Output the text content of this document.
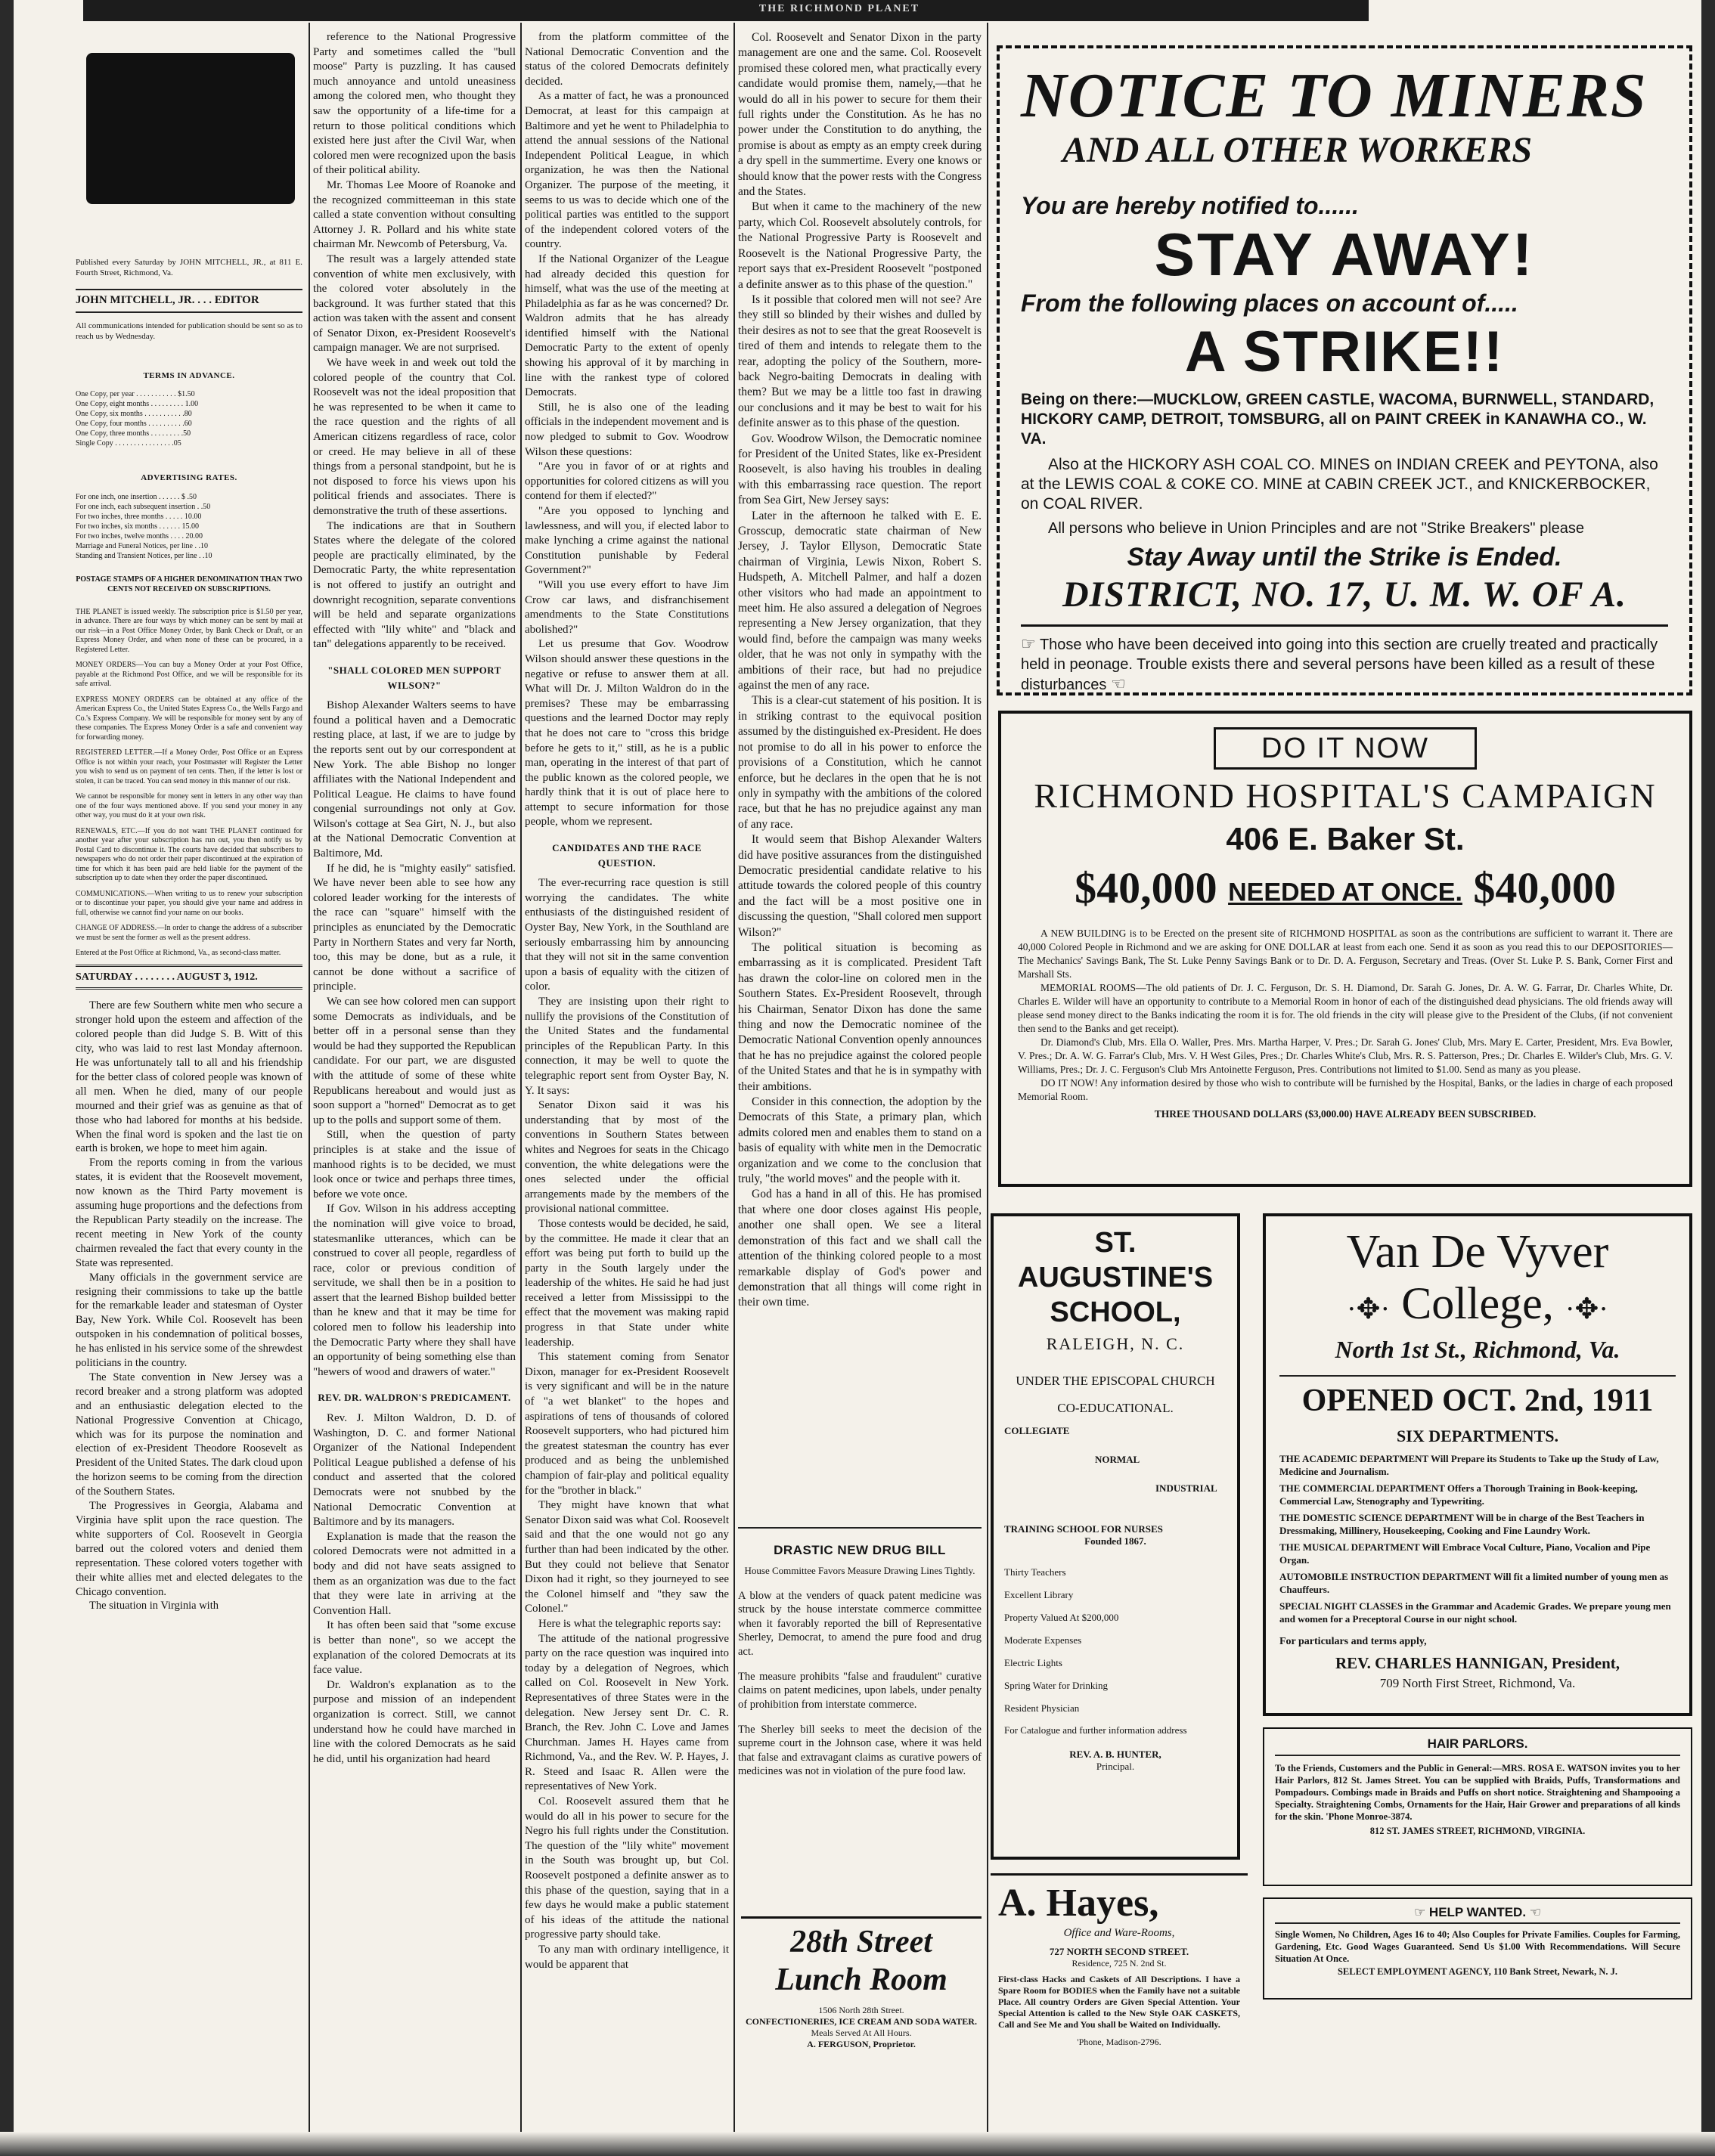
THE RICHMOND PLANET
Published every Saturday by JOHN MITCHELL, JR., at 811 E. Fourth Street, Richmond, Va.
JOHN MITCHELL, JR. . . . EDITOR
All communications intended for publication should be sent so as to reach us by Wednesday.
TERMS IN ADVANCE.
One Copy, per year . . . . . . . . . . . $1.50
One Copy, eight months . . . . . . . . . 1.00
One Copy, six months . . . . . . . . . . .80
One Copy, four months . . . . . . . . . .60
One Copy, three months . . . . . . . . .50
Single Copy . . . . . . . . . . . . . . . .05
ADVERTISING RATES.
For one inch, one insertion . . . . . . $ .50
For one inch, each subsequent insertion . .50
For two inches, three months . . . . . 10.00
For two inches, six months . . . . . . 15.00
For two inches, twelve months . . . . 20.00
Marriage and Funeral Notices, per line . .10
Standing and Transient Notices, per line . .10
POSTAGE STAMPS OF A HIGHER DENOMINATION THAN TWO CENTS NOT RECEIVED ON SUBSCRIPTIONS.
THE PLANET is issued weekly. The subscription price is $1.50 per year, in advance. There are four ways by which money can be sent by mail at our risk—in a Post Office Money Order, by Bank Check or Draft, or an Express Money Order, and when none of these can be procured, in a Registered Letter.
MONEY ORDERS—You can buy a Money Order at your Post Office, payable at the Richmond Post Office, and we will be responsible for its safe arrival.
EXPRESS MONEY ORDERS can be obtained at any office of the American Express Co., the United States Express Co., the Wells Fargo and Co.'s Express Company. We will be responsible for money sent by any of these companies. The Express Money Order is a safe and convenient way for forwarding money.
REGISTERED LETTER.—If a Money Order, Post Office or an Express Office is not within your reach, your Postmaster will Register the Letter you wish to send us on payment of ten cents. Then, if the letter is lost or stolen, it can be traced. You can send money in this manner of our risk.
We cannot be responsible for money sent in letters in any other way than one of the four ways mentioned above. If you send your money in any other way, you must do it at your own risk.
RENEWALS, ETC.—If you do not want THE PLANET continued for another year after your subscription has run out, you then notify us by Postal Card to discontinue it. The courts have decided that subscribers to newspapers who do not order their paper discontinued at the expiration of time for which it has been paid are held liable for the payment of the subscription up to date when they order the paper discontinued.
COMMUNICATIONS.—When writing to us to renew your subscription or to discontinue your paper, you should give your name and address in full, otherwise we cannot find your name on our books.
CHANGE OF ADDRESS.—In order to change the address of a subscriber we must be sent the former as well as the present address.
Entered at the Post Office at Richmond, Va., as second-class matter.
SATURDAY . . . . . . . . AUGUST 3, 1912.

There are few Southern white men who secure a stronger hold upon the esteem and affection of the colored people than did Judge S. B. Witt of this city, who was laid to rest last Monday afternoon. He was unfortunately tall to all and his friendship for the better class of colored people was known of all men. When he died, many of our people mourned and their grief was as genuine as that of those who had labored for months at his bedside. When the final word is spoken and the last tie on earth is broken, we hope to meet him again.

From the reports coming in from the various states, it is evident that the Roosevelt movement, now known as the Third Party movement is assuming huge proportions and the defections from the Republican Party steadily on the increase. The recent meeting in New York of the county chairmen revealed the fact that every county in the State was represented.

Many officials in the government service are resigning their commissions to take up the battle for the remarkable leader and statesman of Oyster Bay, New York. While Col. Roosevelt has been outspoken in his condemnation of political bosses, he has enlisted in his service some of the shrewdest politicians in the country.

The State convention in New Jersey was a record breaker and a strong platform was adopted and an enthusiastic delegation elected to the National Progressive Convention at Chicago, which was for its purpose the nomination and election of ex-President Theodore Roosevelt as President of the United States. The dark cloud upon the horizon seems to be coming from the direction of the Southern States.

The Progressives in Georgia, Alabama and Virginia have split upon the race question. The white supporters of Col. Roosevelt in Georgia barred out the colored voters and denied them representation. These colored voters together with their white allies met and elected delegates to the Chicago convention.

The situation in Virginia with

reference to the National Progressive Party and sometimes called the "bull moose" Party is puzzling. It has caused much annoyance and untold uneasiness among the colored men, who thought they saw the opportunity of a life-time for a return to those political conditions which existed here just after the Civil War, when colored men were recognized upon the basis of their political ability.

Mr. Thomas Lee Moore of Roanoke and the recognized committeeman in this state called a state convention without consulting Attorney J. R. Pollard and his white state chairman Mr. Newcomb of Petersburg, Va.

The result was a largely attended state convention of white men exclusively, with the colored voter absolutely in the background. It was further stated that this action was taken with the assent and consent of Senator Dixon, ex-President Roosevelt's campaign manager. We are not surprised.

We have week in and week out told the colored people of the country that Col. Roosevelt was not the ideal proposition that he was represented to be when it came to the race question and the rights of all American citizens regardless of race, color or creed. He may believe in all of these things from a personal standpoint, but he is not disposed to force his views upon his political friends and associates. There is demonstrative the truth of these assertions.

The indications are that in Southern States where the delegate of the colored people are practically eliminated, by the Democratic Party, the white representation is not offered to justify an outright and downright recognition, separate conventions will be held and separate organizations effected with "lily white" and "black and tan" delegations apparently to be received.

"SHALL COLORED MEN SUPPORT WILSON?"

Bishop Alexander Walters seems to have found a political haven and a Democratic resting place, at last, if we are to judge by the reports sent out by our correspondent at New York. The able Bishop no longer affiliates with the National Independent and Political League. He claims to have found congenial surroundings not only at Gov. Wilson's cottage at Sea Girt, N. J., but also at the National Democratic Convention at Baltimore, Md.

If he did, he is "mighty easily" satisfied. We have never been able to see how any colored leader working for the interests of the race can "square" himself with the principles as enunciated by the Democratic Party in Northern States and very far North, too, this may be done, but as a rule, it cannot be done without a sacrifice of principle.

We can see how colored men can support some Democrats as individuals, and be better off in a personal sense than they would be had they supported the Republican candidate. For our part, we are disgusted with the attitude of some of these white Republicans hereabout and would just as soon support a "horned" Democrat as to get up to the polls and support some of them.

Still, when the question of party principles is at stake and the issue of manhood rights is to be decided, we must look once or twice and perhaps three times, before we vote once.

If Gov. Wilson in his address accepting the nomination will give voice to broad, statesmanlike utterances, which can be construed to cover all people, regardless of race, color or previous condition of servitude, we shall then be in a position to assert that the learned Bishop builded better than he knew and that it may be time for colored men to follow his leadership into the Democratic Party where they shall have an opportunity of being something else than "hewers of wood and drawers of water."

REV. DR. WALDRON'S PREDICAMENT.

Rev. J. Milton Waldron, D. D. of Washington, D. C. and former National Organizer of the National Independent Political League published a defense of his conduct and asserted that the colored Democrats were not snubbed by the National Democratic Convention at Baltimore and by its managers.

Explanation is made that the reason the colored Democrats were not admitted in a body and did not have seats assigned to them as an organization was due to the fact that they were late in arriving at the Convention Hall.

It has often been said that "some excuse is better than none", so we accept the explanation of the colored Democrats at its face value.

Dr. Waldron's explanation as to the purpose and mission of an independent organization is correct. Still, we cannot understand how he could have marched in line with the colored Democrats as he said he did, until his organization had heard

from the platform committee of the National Democratic Convention and the status of the colored Democrats definitely decided.

As a matter of fact, he was a pronounced Democrat, at least for this campaign at Baltimore and yet he went to Philadelphia to attend the annual sessions of the National Independent Political League, in which organization, he was then the National Organizer. The purpose of the meeting, it seems to us was to decide which one of the political parties was entitled to the support of the independent colored voters of the country.

If the National Organizer of the League had already decided this question for himself, what was the use of the meeting at Philadelphia as far as he was concerned? Dr. Waldron admits that he has already identified himself with the National Democratic Party to the extent of openly showing his approval of it by marching in line with the rankest type of colored Democrats.

Still, he is also one of the leading officials in the independent movement and is now pledged to submit to Gov. Woodrow Wilson these questions:

"Are you in favor of or at rights and opportunities for colored citizens as will you contend for them if elected?"

"Are you opposed to lynching and lawlessness, and will you, if elected labor to make lynching a crime against the national Constitution punishable by Federal Government?"

"Will you use every effort to have Jim Crow car laws, and disfranchisement amendments to the State Constitutions abolished?"

Let us presume that Gov. Woodrow Wilson should answer these questions in the negative or refuse to answer them at all. What will Dr. J. Milton Waldron do in the premises? These may be embarrassing questions and the learned Doctor may reply that he does not care to "cross this bridge before he gets to it," still, as he is a public man, operating in the interest of that part of the public known as the colored people, we hardly think that it is out of place here to attempt to secure information for those people, whom we represent.

CANDIDATES AND THE RACE QUESTION.

The ever-recurring race question is still worrying the candidates. The white enthusiasts of the distinguished resident of Oyster Bay, New York, in the Southland are seriously embarrassing him by announcing that they will not sit in the same convention upon a basis of equality with the citizen of color.

They are insisting upon their right to nullify the provisions of the Constitution of the United States and the fundamental principles of the Republican Party. In this connection, it may be well to quote the telegraphic report sent from Oyster Bay, N. Y. It says:

Senator Dixon said it was his understanding that by most of the conventions in Southern States between whites and Negroes for seats in the Chicago convention, the white delegations were the ones selected under the official arrangements made by the members of the provisional national committee.

Those contests would be decided, he said, by the committee. He made it clear that an effort was being put forth to build up the party in the South largely under the leadership of the whites. He said he had just received a letter from Mississippi to the effect that the movement was making rapid progress in that State under white leadership.

This statement coming from Senator Dixon, manager for ex-President Roosevelt is very significant and will be in the nature of "a wet blanket" to the hopes and aspirations of tens of thousands of colored Roosevelt supporters, who had pictured him the greatest statesman the country has ever produced and as being the unblemished champion of fair-play and political equality for the "brother in black."

They might have known that what Senator Dixon said was what Col. Roosevelt said and that the one would not go any further than had been indicated by the other. But they could not believe that Senator Dixon had it right, so they journeyed to see the Colonel himself and "they saw the Colonel."

Here is what the telegraphic reports say:

The attitude of the national progressive party on the race question was inquired into today by a delegation of Negroes, which called on Col. Roosevelt in New York. Representatives of three States were in the delegation. New Jersey sent Dr. C. R. Branch, the Rev. John C. Love and James Churchman. James H. Hayes came from Richmond, Va., and the Rev. W. P. Hayes, J. R. Steed and Isaac R. Allen were the representatives of New York.

Col. Roosevelt assured them that he would do all in his power to secure for the Negro his full rights under the Constitution. The question of the "lily white" movement in the South was brought up, but Col. Roosevelt postponed a definite answer as to this phase of the question, saying that in a few days he would make a public statement of his ideas of the attitude the national progressive party should take.

To any man with ordinary intelligence, it would be apparent that

Col. Roosevelt and Senator Dixon in the party management are one and the same. Col. Roosevelt promised these colored men, what practically every candidate would promise them, namely,—that he would do all in his power to secure for them their full rights under the Constitution. As he has no power under the Constitution to do anything, the promise is about as empty as an empty creek during a dry spell in the summertime. Every one knows or should know that the power rests with the Congress and the States.

But when it came to the machinery of the new party, which Col. Roosevelt absolutely controls, for the National Progressive Party is Roosevelt and Roosevelt is the National Progressive Party, the report says that ex-President Roosevelt "postponed a definite answer as to this phase of the question."

Is it possible that colored men will not see? Are they still so blinded by their wishes and dulled by their desires as not to see that the great Roosevelt is tired of them and intends to relegate them to the rear, adopting the policy of the Southern, more-back Negro-baiting Democrats in dealing with them? But we may be a little too fast in drawing our conclusions and it may be best to wait for his definite answer as to this phase of the question.

Gov. Woodrow Wilson, the Democratic nominee for President of the United States, like ex-President Roosevelt, is also having his troubles in dealing with this embarrassing race question. The report from Sea Girt, New Jersey says:

Later in the afternoon he talked with E. E. Grosscup, democratic state chairman of New Jersey, J. Taylor Ellyson, Democratic State chairman of Virginia, Lewis Nixon, Robert S. Hudspeth, A. Mitchell Palmer, and half a dozen other visitors who had made an appointment to meet him. He also assured a delegation of Negroes representing a New Jersey organization, that they would find, before the campaign was many weeks older, that he was not only in sympathy with the ambitions of their race, but had no prejudice against the men of any race.

This is a clear-cut statement of his position. It is in striking contrast to the equivocal position assumed by the distinguished ex-President. He does not promise to do all in his power to enforce the provisions of a Constitution, which he cannot enforce, but he declares in the open that he is not only in sympathy with the ambitions of the colored race, but that he has no prejudice against any man of any race.

It would seem that Bishop Alexander Walters did have positive assurances from the distinguished Democratic presidential candidate relative to his attitude towards the colored people of this country and the fact will be a most positive one in discussing the question, "Shall colored men support Wilson?"

The political situation is becoming as embarrassing as it is complicated. President Taft has drawn the color-line on colored men in the Southern States. Ex-President Roosevelt, through his Chairman, Senator Dixon has done the same thing and now the Democratic nominee of the Democratic National Convention openly announces that he has no prejudice against the colored people of the United States and that he is in sympathy with their ambitions.

Consider in this connection, the adoption by the Democrats of this State, a primary plan, which admits colored men and enables them to stand on a basis of equality with white men in the Democratic organization and we come to the conclusion that truly, "the world moves" and the people with it.

God has a hand in all of this. He has promised that where one door closes against His people, another one shall open. We see a literal demonstration of this fact and we shall call the attention of the thinking colored people to a most remarkable display of God's power and demonstration that all things will come right in their own time.

DRASTIC NEW DRUG BILL
House Committee Favors Measure Drawing Lines Tightly.

A blow at the venders of quack patent medicine was struck by the house interstate commerce committee when it favorably reported the bill of Representative Sherley, Democrat, to amend the pure food and drug act.

The measure prohibits "false and fraudulent" curative claims on patent medicines, upon labels, under penalty of prohibition from interstate commerce.

The Sherley bill seeks to meet the decision of the supreme court in the Johnson case, where it was held that false and extravagant claims as curative powers of medicines was not in violation of the pure food law.

28th Street
Lunch Room
1506 North 28th Street.
CONFECTIONERIES, ICE CREAM AND SODA WATER.
Meals Served At All Hours.
A. FERGUSON, Proprietor.
NOTICE TO MINERS
AND ALL OTHER WORKERS
You are hereby notified to......
STAY AWAY!
From the following places on account of.....
A STRIKE!!
Being on there:—MUCKLOW, GREEN CASTLE, WACOMA, BURNWELL, STANDARD, HICKORY CAMP, DETROIT, TOMSBURG, all on PAINT CREEK in KANAWHA CO., W. VA.
Also at the HICKORY ASH COAL CO. MINES on INDIAN CREEK and PEYTONA, also at the LEWIS COAL & COKE CO. MINE at CABIN CREEK JCT., and KNICKERBOCKER, on COAL RIVER.
All persons who believe in Union Principles and are not "Strike Breakers" please
Stay Away until the Strike is Ended.
DISTRICT, NO. 17, U. M. W. OF A.
☞ Those who have been deceived into going into this section are cruelly treated and practically held in peonage. Trouble exists there and several persons have been killed as a result of these disturbances ☜
DO IT NOW
RICHMOND HOSPITAL'S CAMPAIGN
406 E. Baker St.
$40,000 NEEDED AT ONCE. $40,000
A NEW BUILDING is to be Erected on the present site of RICHMOND HOSPITAL as soon as the contributions are sufficient to warrant it. There are 40,000 Colored People in Richmond and we are asking for ONE DOLLAR at least from each one. Send it as soon as you read this to our DEPOSITORIES—The Mechanics' Savings Bank, The St. Luke Penny Savings Bank or to Dr. D. A. Ferguson, Secretary and Treas. (Over St. Luke P. S. Bank, Corner First and Marshall Sts.
MEMORIAL ROOMS—The old patients of Dr. J. C. Ferguson, Dr. S. H. Diamond, Dr. Sarah G. Jones, Dr. A. W. G. Farrar, Dr. Charles White, Dr. Charles E. Wilder will have an opportunity to contribute to a Memorial Room in honor of each of the distinguished dead physicians. The old friends away will please send money direct to the Banks indicating the room it is for. The old friends in the city will please give to the President of the Clubs, (if not convenient then send to the Banks and get receipt).
Dr. Diamond's Club, Mrs. Ella O. Waller, Pres. Mrs. Martha Harper, V. Pres.; Dr. Sarah G. Jones' Club, Mrs. Mary E. Carter, President, Mrs. Eva Bowler, V. Pres.; Dr. A. W. G. Farrar's Club, Mrs. V. H West Giles, Pres.; Dr. Charles White's Club, Mrs. R. S. Patterson, Pres.; Dr. Charles E. Wilder's Club, Mrs. G. V. Williams, Pres.; Dr. J. C. Ferguson's Club Mrs Antoinette Ferguson, Pres. Contributions not limited to $1.00. Send as many as you please.
DO IT NOW! Any information desired by those who wish to contribute will be furnished by the Hospital, Banks, or the ladies in charge of each proposed Memorial Room.
THREE THOUSAND DOLLARS ($3,000.00) HAVE ALREADY BEEN SUBSCRIBED.
ST. AUGUSTINE'S
SCHOOL,
RALEIGH, N. C.
UNDER THE EPISCOPAL CHURCH
CO-EDUCATIONAL.
COLLEGIATE
NORMAL
INDUSTRIAL
TRAINING SCHOOL FOR NURSES
Founded 1867.
Thirty Teachers
Excellent Library
Property Valued At $200,000
Moderate Expenses
Electric Lights
Spring Water for Drinking
Resident Physician
For Catalogue and further information address
REV. A. B. HUNTER,
Principal.
Van De Vyver
·✥· College, ·✥·
North 1st St., Richmond, Va.
OPENED OCT. 2nd, 1911
SIX DEPARTMENTS.
THE ACADEMIC DEPARTMENT Will Prepare its Students to Take up the Study of Law, Medicine and Journalism.
THE COMMERCIAL DEPARTMENT Offers a Thorough Training in Book-keeping, Commercial Law, Stenography and Typewriting.
THE DOMESTIC SCIENCE DEPARTMENT Will be in charge of the Best Teachers in Dressmaking, Millinery, Housekeeping, Cooking and Fine Laundry Work.
THE MUSICAL DEPARTMENT Will Embrace Vocal Culture, Piano, Vocalion and Pipe Organ.
AUTOMOBILE INSTRUCTION DEPARTMENT Will fit a limited number of young men as Chauffeurs.
SPECIAL NIGHT CLASSES in the Grammar and Academic Grades. We prepare young men and women for a Preceptoral Course in our night school.
For particulars and terms apply,
REV. CHARLES HANNIGAN, President,
709 North First Street, Richmond, Va.
HAIR PARLORS.
To the Friends, Customers and the Public in General:—MRS. ROSA E. WATSON invites you to her Hair Parlors, 812 St. James Street. You can be supplied with Braids, Puffs, Transformations and Pompadours. Combings made in Braids and Puffs on short notice. Straightening and Shampooing a Specialty. Straightening Combs, Ornaments for the Hair, Hair Grower and preparations of all kinds for the skin. 'Phone Monroe-3874.
812 ST. JAMES STREET, RICHMOND, VIRGINIA.
A. Hayes,
Office and Ware-Rooms,
727 NORTH SECOND STREET.
Residence, 725 N. 2nd St.
First-class Hacks and Caskets of All Descriptions. I have a Spare Room for BODIES when the Family have not a suitable Place. All country Orders are Given Special Attention. Your Special Attention is called to the New Style OAK CASKETS, Call and See Me and You shall be Waited on Individually.
'Phone, Madison-2796.
☞ HELP WANTED. ☜
Single Women, No Children, Ages 16 to 40; Also Couples for Private Families. Couples for Farming, Gardening, Etc. Good Wages Guaranteed. Send Us $1.00 With Recommendations. Will Secure Situation At Once.
SELECT EMPLOYMENT AGENCY, 110 Bank Street, Newark, N. J.
